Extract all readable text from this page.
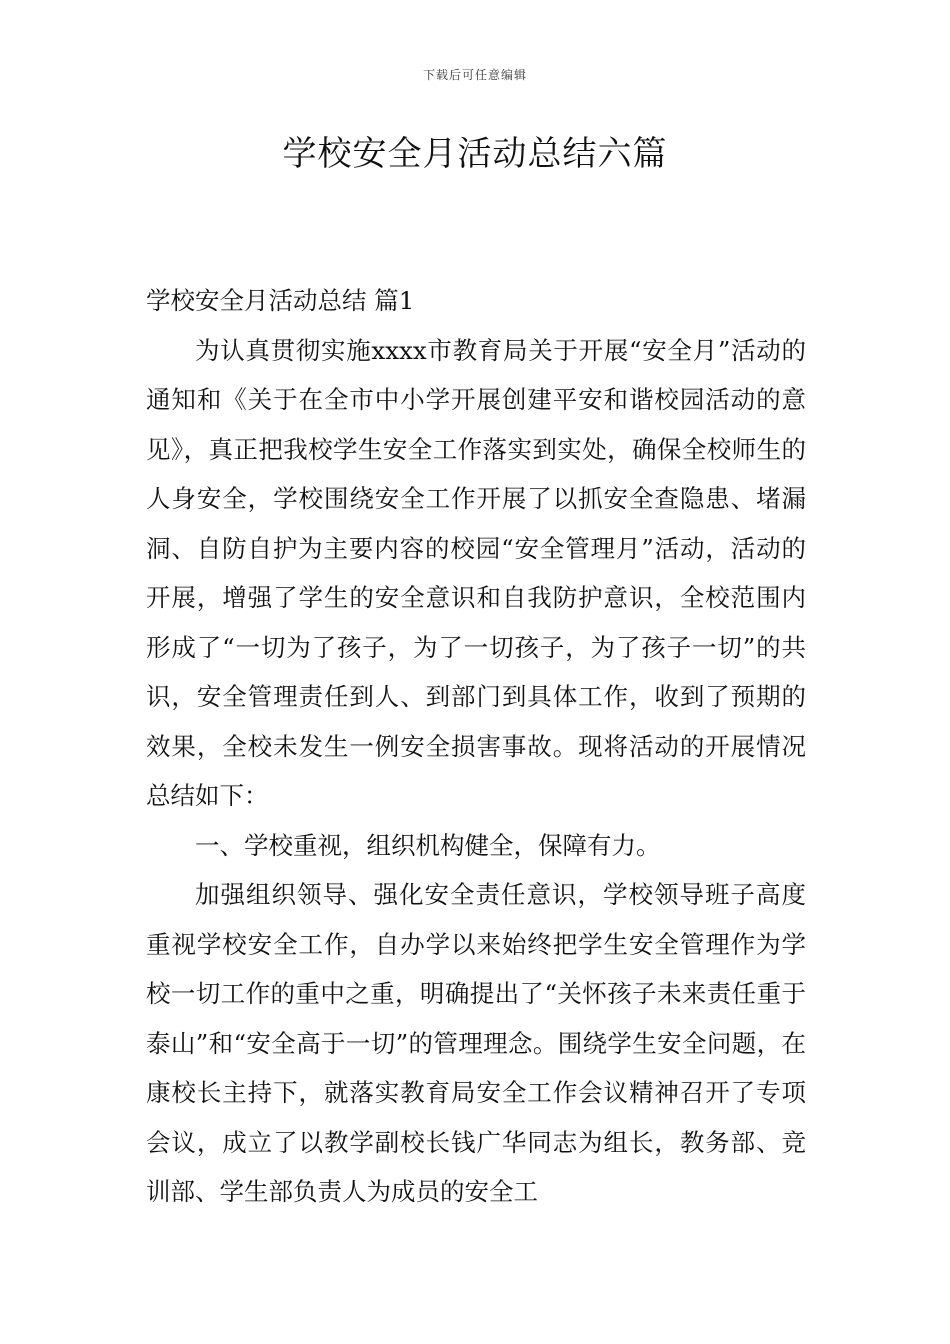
下载后可任意编辑
学校安全月活动总结六篇

学校安全月活动总结 篇1

为认真贯彻实施xxxx市教育局关于开展“安全月”活动的通知和《关于在全市中小学开展创建平安和谐校园活动的意见》，真正把我校学生安全工作落实到实处，确保全校师生的人身安全，学校围绕安全工作开展了以抓安全查隐患、堵漏洞、自防自护为主要内容的校园“安全管理月”活动，活动的开展，增强了学生的安全意识和自我防护意识，全校范围内形成了“一切为了孩子，为了一切孩子，为了孩子一切”的共识，安全管理责任到人、到部门到具体工作，收到了预期的效果，全校未发生一例安全损害事故。现将活动的开展情况总结如下：

一、学校重视，组织机构健全，保障有力。

加强组织领导、强化安全责任意识，学校领导班子高度重视学校安全工作，自办学以来始终把学生安全管理作为学校一切工作的重中之重，明确提出了“关怀孩子未来责任重于泰山”和“安全高于一切”的管理理念。围绕学生安全问题，在康校长主持下，就落实教育局安全工作会议精神召开了专项会议，成立了以教学副校长钱广华同志为组长，教务部、竞训部、学生部负责人为成员的安全工
